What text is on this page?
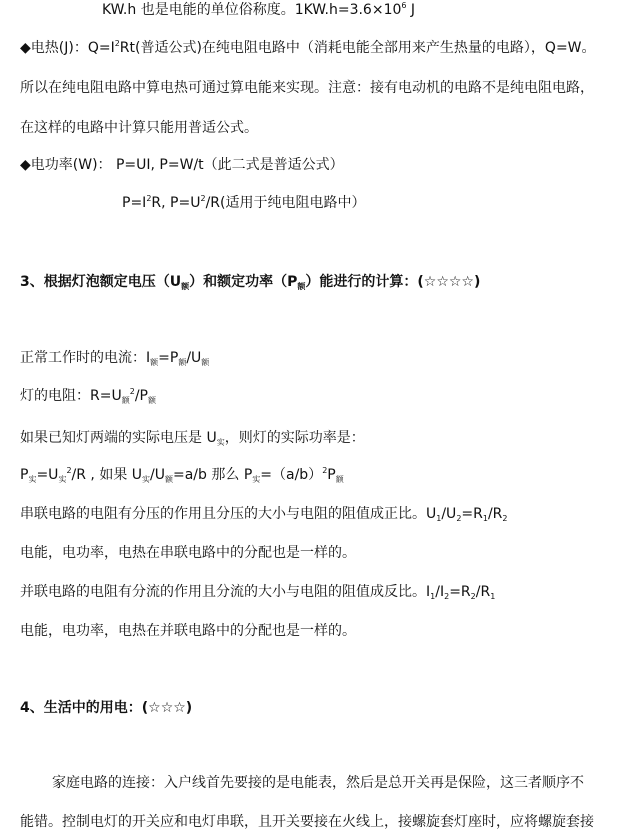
KW.h 也是电能的单位俗称度。$1KW.h=3.6\times 10^6$ J
◆电热(J)：$Q=I^2Rt$(普适公式)在纯电阻电路中（消耗电能全部用来产生热量的电路），Q=W。
所以在纯电阻电路中算电热可通过算电能来实现。注意：接有电动机的电路不是纯电阻电路，
在这样的电路中计算只能用普适公式。
◆电功率(W)： P=UI, P=W/t（此二式是普适公式）
$P=I^2R$, $P=U^2/R$(适用于纯电阻电路中）
3、根据灯泡额定电压$(U_额)$和额定功率$(P_额)$能进行的计算：(☆☆☆☆)
正常工作时的电流：$I_额=P_额/U_额$
灯的电阻：$R=U_额^2/P_额$
如果已知灯两端的实际电压是 $U_实$，则灯的实际功率是：
$P_实=U_实^2/R$ , 如果 $U_实/U_额=a/b$ 那么 $P_实=(a/b)^2P_额$
串联电路的电阻有分压的作用且分压的大小与电阻的阻值成正比。$U_1/U_2=R_1/R_2$
电能，电功率，电热在串联电路中的分配也是一样的。
并联电路的电阻有分流的作用且分流的大小与电阻的阻值成反比。$I_1/I_2=R_2/R_1$
电能，电功率，电热在并联电路中的分配也是一样的。
4、生活中的用电：(☆☆☆)
家庭电路的连接：入户线首先要接的是电能表，然后是总开关再是保险，这三者顺序不
能错。控制电灯的开关应和电灯串联，且开关要接在火线上，接螺旋套灯座时，应将螺旋套接
